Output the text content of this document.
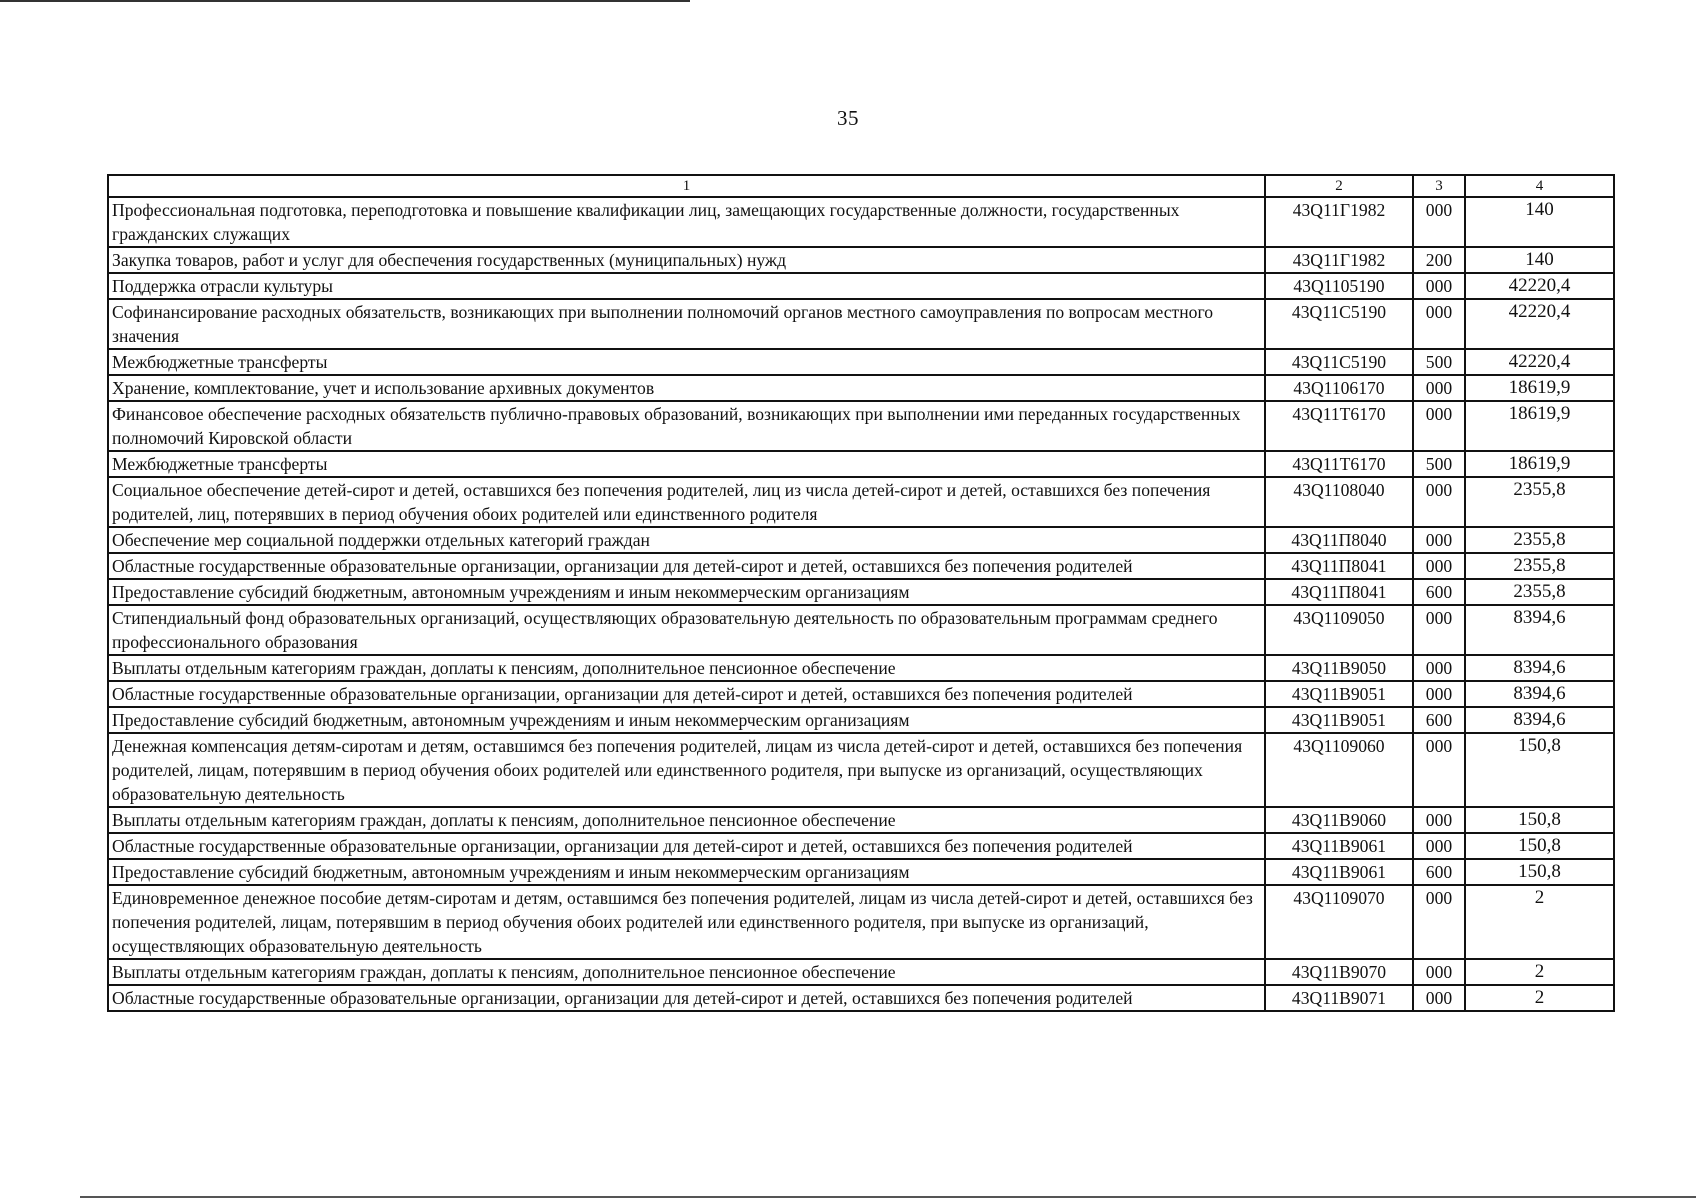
35
1	2	3	4
Профессиональная подготовка, переподготовка и повышение квалификации лиц, замещающих государственные должности, государственных гражданских служащих	43Q11Г1982	000	140
Закупка товаров, работ и услуг для обеспечения государственных (муниципальных) нужд	43Q11Г1982	200	140
Поддержка отрасли культуры	43Q1105190	000	42220,4
Софинансирование расходных обязательств, возникающих при выполнении полномочий органов местного самоуправления по вопросам местного значения	43Q11C5190	000	42220,4
Межбюджетные трансферты	43Q11C5190	500	42220,4
Хранение, комплектование, учет и использование архивных документов	43Q1106170	000	18619,9
Финансовое обеспечение расходных обязательств публично-правовых образований, возникающих при выполнении ими переданных государственных полномочий Кировской области	43Q11T6170	000	18619,9
Межбюджетные трансферты	43Q11T6170	500	18619,9
Социальное обеспечение детей-сирот и детей, оставшихся без попечения родителей, лиц из числа детей-сирот и детей, оставшихся без попечения родителей, лиц, потерявших в период обучения обоих родителей или единственного родителя	43Q1108040	000	2355,8
Обеспечение мер социальной поддержки отдельных категорий граждан	43Q11П8040	000	2355,8
Областные государственные образовательные организации, организации для детей-сирот и детей, оставшихся без попечения родителей	43Q11П8041	000	2355,8
Предоставление субсидий бюджетным, автономным учреждениям и иным некоммерческим организациям	43Q11П8041	600	2355,8
Стипендиальный фонд образовательных организаций, осуществляющих образовательную деятельность по образовательным программам среднего профессионального образования	43Q1109050	000	8394,6
Выплаты отдельным категориям граждан, доплаты к пенсиям, дополнительное пенсионное обеспечение	43Q11B9050	000	8394,6
Областные государственные образовательные организации, организации для детей-сирот и детей, оставшихся без попечения родителей	43Q11B9051	000	8394,6
Предоставление субсидий бюджетным, автономным учреждениям и иным некоммерческим организациям	43Q11B9051	600	8394,6
Денежная компенсация детям-сиротам и детям, оставшимся без попечения родителей, лицам из числа детей-сирот и детей, оставшихся без попечения родителей, лицам, потерявшим в период обучения обоих родителей или единственного родителя, при выпуске из организаций, осуществляющих образовательную деятельность	43Q1109060	000	150,8
Выплаты отдельным категориям граждан, доплаты к пенсиям, дополнительное пенсионное обеспечение	43Q11B9060	000	150,8
Областные государственные образовательные организации, организации для детей-сирот и детей, оставшихся без попечения родителей	43Q11B9061	000	150,8
Предоставление субсидий бюджетным, автономным учреждениям и иным некоммерческим организациям	43Q11B9061	600	150,8
Единовременное денежное пособие детям-сиротам и детям, оставшимся без попечения родителей, лицам из числа детей-сирот и детей, оставшихся без попечения родителей, лицам, потерявшим в период обучения обоих родителей или единственного родителя, при выпуске из организаций, осуществляющих образовательную деятельность	43Q1109070	000	2
Выплаты отдельным категориям граждан, доплаты к пенсиям, дополнительное пенсионное обеспечение	43Q11B9070	000	2
Областные государственные образовательные организации, организации для детей-сирот и детей, оставшихся без попечения родителей	43Q11B9071	000	2
